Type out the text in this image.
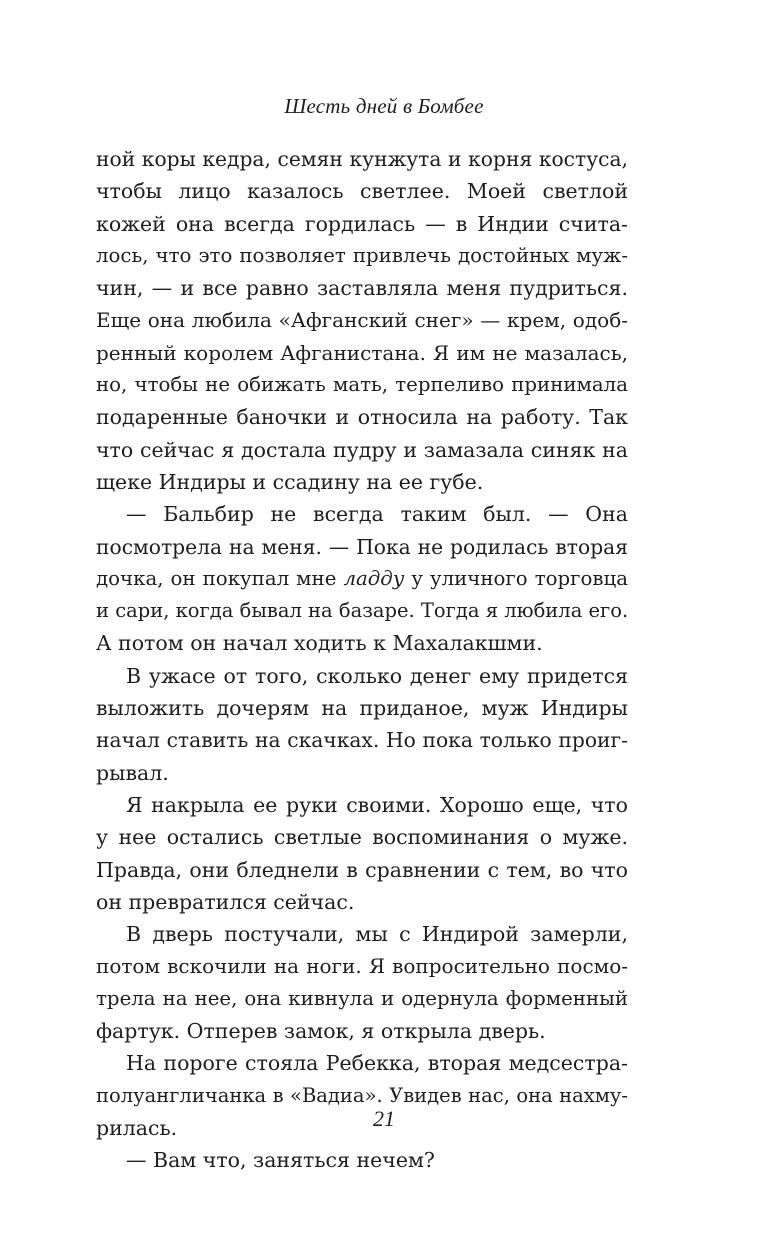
Шесть дней в Бомбее
ной коры кедра, семян кунжута и корня костуса,
чтобы лицо казалось светлее. Моей светлой
кожей она всегда гордилась — в Индии счита-
лось, что это позволяет привлечь достойных муж-
чин, — и все равно заставляла меня пудриться.
Еще она любила «Афганский снег» — крем, одоб-
ренный королем Афганистана. Я им не мазалась,
но, чтобы не обижать мать, терпеливо принимала
подаренные баночки и относила на работу. Так
что сейчас я достала пудру и замазала синяк на
щеке Индиры и ссадину на ее губе.
— Бальбир не всегда таким был. — Она
посмотрела на меня. — Пока не родилась вторая
дочка, он покупал мне ладду у уличного торговца
и сари, когда бывал на базаре. Тогда я любила его.
А потом он начал ходить к Махалакшми.
В ужасе от того, сколько денег ему придется
выложить дочерям на приданое, муж Индиры
начал ставить на скачках. Но пока только проиг-
рывал.
Я накрыла ее руки своими. Хорошо еще, что
у нее остались светлые воспоминания о муже.
Правда, они бледнели в сравнении с тем, во что
он превратился сейчас.
В дверь постучали, мы с Индирой замерли,
потом вскочили на ноги. Я вопросительно посмо-
трела на нее, она кивнула и одернула форменный
фартук. Отперев замок, я открыла дверь.
На пороге стояла Ребекка, вторая медсестра-
полуангличанка в «Вадиа». Увидев нас, она нахму-
рилась.
— Вам что, заняться нечем?
21
